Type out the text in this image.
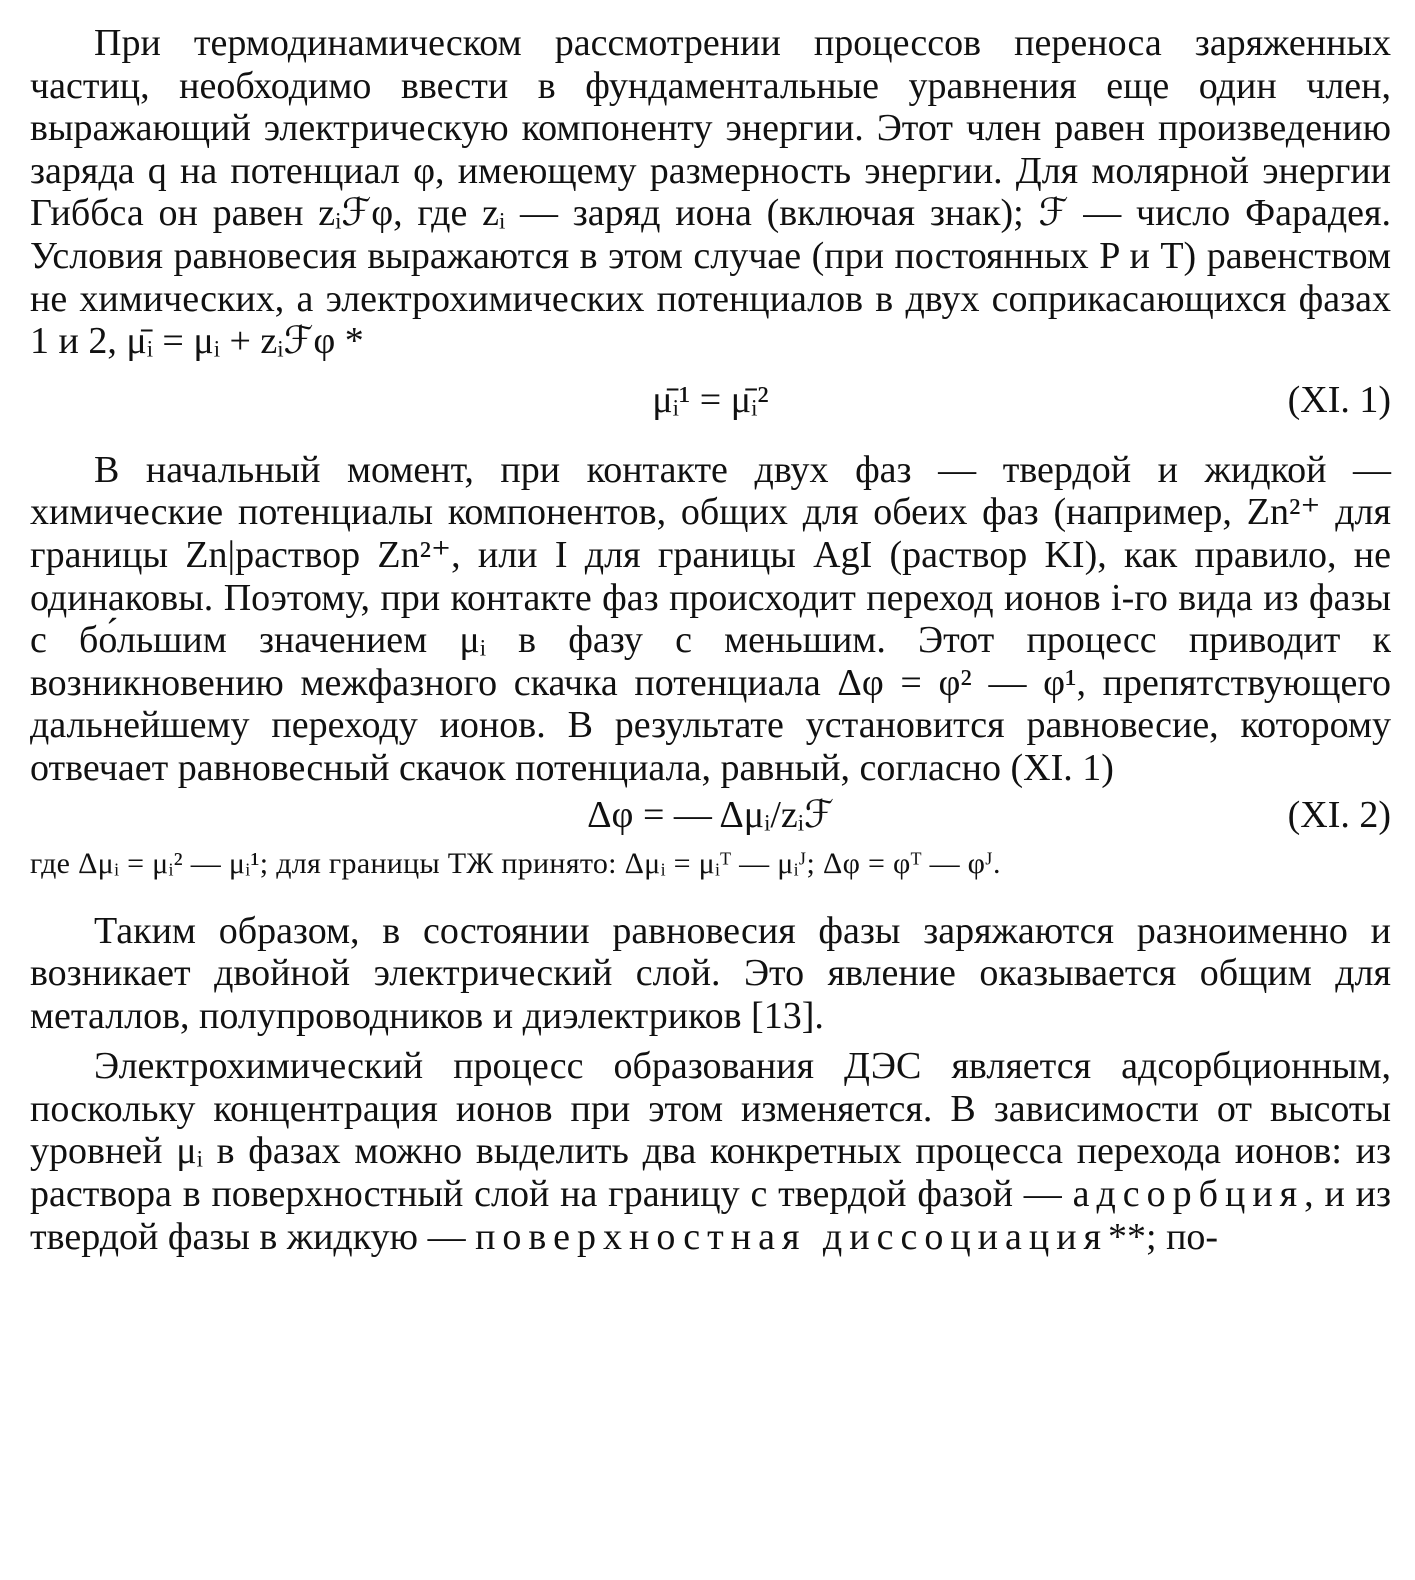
При термодинамическом рассмотрении процессов переноса заряженных частиц, необходимо ввести в фундаментальные уравнения еще один член, выражающий электрическую компоненту энергии. Этот член равен произведению заряда q на потенциал φ, имеющему размерность энергии. Для молярной энергии Гиббса он равен zᵢℱφ, где zᵢ — заряд иона (включая знак); ℱ — число Фарадея. Условия равновесия выражаются в этом случае (при постоянных P и T) равенством не химических, а электрохимических потенциалов в двух соприкасающихся фазах 1 и 2, μ̄ᵢ = μᵢ + zᵢℱφ *

μ̄ᵢ¹ = μ̄ᵢ²	(XI. 1)

В начальный момент, при контакте двух фаз — твердой и жидкой — химические потенциалы компонентов, общих для обеих фаз (например, Zn²⁺ для границы Zn|раствор Zn²⁺, или I для границы AgI (раствор KI), как правило, не одинаковы. Поэтому, при контакте фаз происходит переход ионов i-го вида из фазы с бо́льшим значением μᵢ в фазу с меньшим. Этот процесс приводит к возникновению межфазного скачка потенциала Δφ = φ² — φ¹, препятствующего дальнейшему переходу ионов. В результате установится равновесие, которому отвечает равновесный скачок потенциала, равный, согласно (XI. 1)

Δφ = — Δμᵢ/zᵢℱ	(XI. 2)

где Δμᵢ = μᵢ² — μᵢ¹; для границы ТЖ принято: Δμᵢ = μᵢᵀ — μᵢᴶ; Δφ = φᵀ — φᴶ.

Таким образом, в состоянии равновесия фазы заряжаются разноименно и возникает двойной электрический слой. Это явление оказывается общим для металлов, полупроводников и диэлектриков [13].

Электрохимический процесс образования ДЭС является адсорбционным, поскольку концентрация ионов при этом изменяется. В зависимости от высоты уровней μᵢ в фазах можно выделить два конкретных процесса перехода ионов: из раствора в поверхностный слой на границу с твердой фазой — адсорбция, и из твердой фазы в жидкую — поверхностная диссоциация**; по-
